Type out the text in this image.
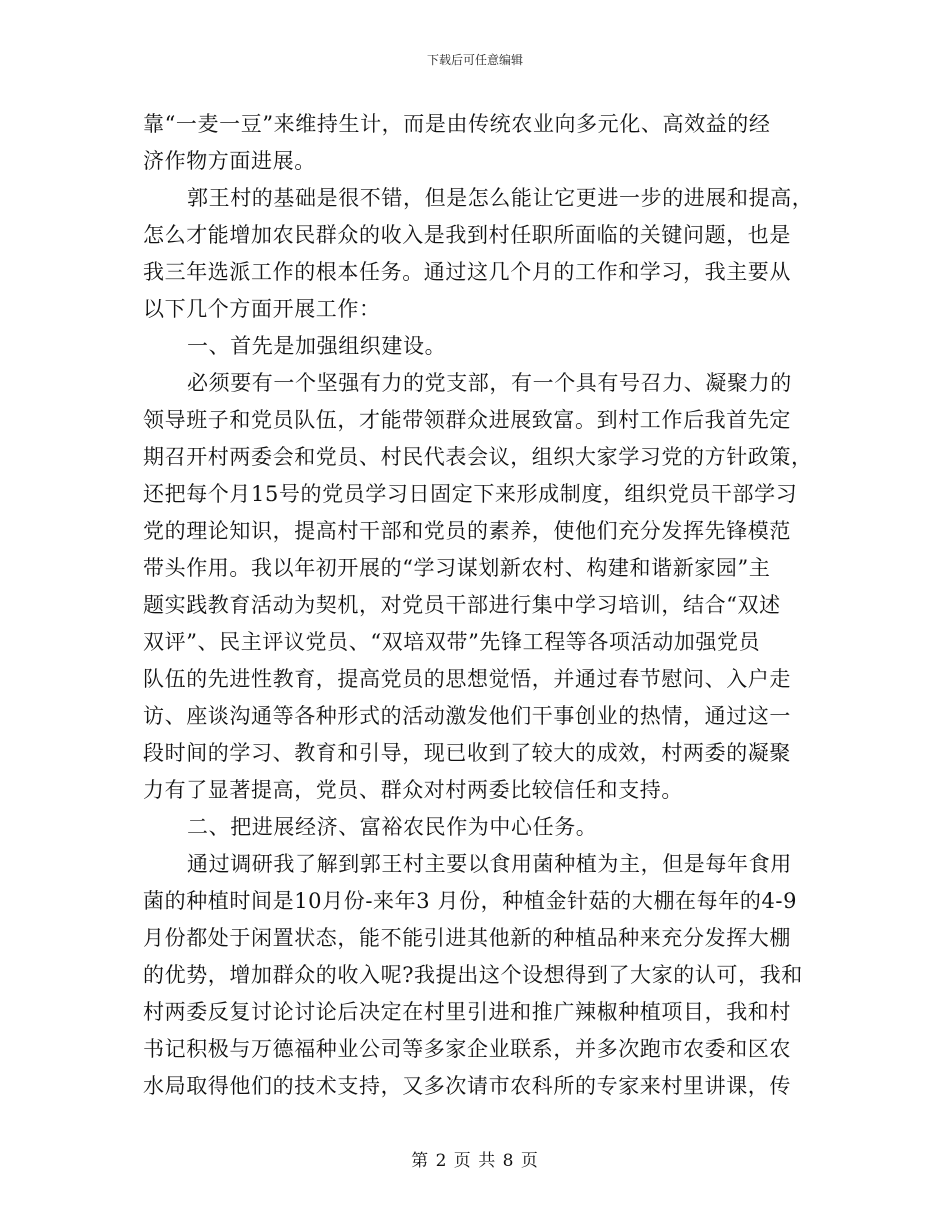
下载后可任意编辑
靠“一麦一豆”来维持生计，而是由传统农业向多元化、高效益的经
济作物方面进展。
郭王村的基础是很不错，但是怎么能让它更进一步的进展和提高，
怎么才能增加农民群众的收入是我到村任职所面临的关键问题，也是
我三年选派工作的根本任务。通过这几个月的工作和学习，我主要从
以下几个方面开展工作：
一、首先是加强组织建设。
必须要有一个坚强有力的党支部，有一个具有号召力、凝聚力的
领导班子和党员队伍，才能带领群众进展致富。到村工作后我首先定
期召开村两委会和党员、村民代表会议，组织大家学习党的方针政策，
还把每个月15号的党员学习日固定下来形成制度，组织党员干部学习
党的理论知识，提高村干部和党员的素养，使他们充分发挥先锋模范
带头作用。我以年初开展的“学习谋划新农村、构建和谐新家园”主
题实践教育活动为契机，对党员干部进行集中学习培训，结合“双述
双评”、民主评议党员、“双培双带”先锋工程等各项活动加强党员
队伍的先进性教育，提高党员的思想觉悟，并通过春节慰问、入户走
访、座谈沟通等各种形式的活动激发他们干事创业的热情，通过这一
段时间的学习、教育和引导，现已收到了较大的成效，村两委的凝聚
力有了显著提高，党员、群众对村两委比较信任和支持。
二、把进展经济、富裕农民作为中心任务。
通过调研我了解到郭王村主要以食用菌种植为主，但是每年食用
菌的种植时间是10月份-来年3 月份，种植金针菇的大棚在每年的4-9
月份都处于闲置状态，能不能引进其他新的种植品种来充分发挥大棚
的优势，增加群众的收入呢?我提出这个设想得到了大家的认可，我和
村两委反复讨论讨论后决定在村里引进和推广辣椒种植项目，我和村
书记积极与万德福种业公司等多家企业联系，并多次跑市农委和区农
水局取得他们的技术支持，又多次请市农科所的专家来村里讲课，传
第 2 页 共 8 页
